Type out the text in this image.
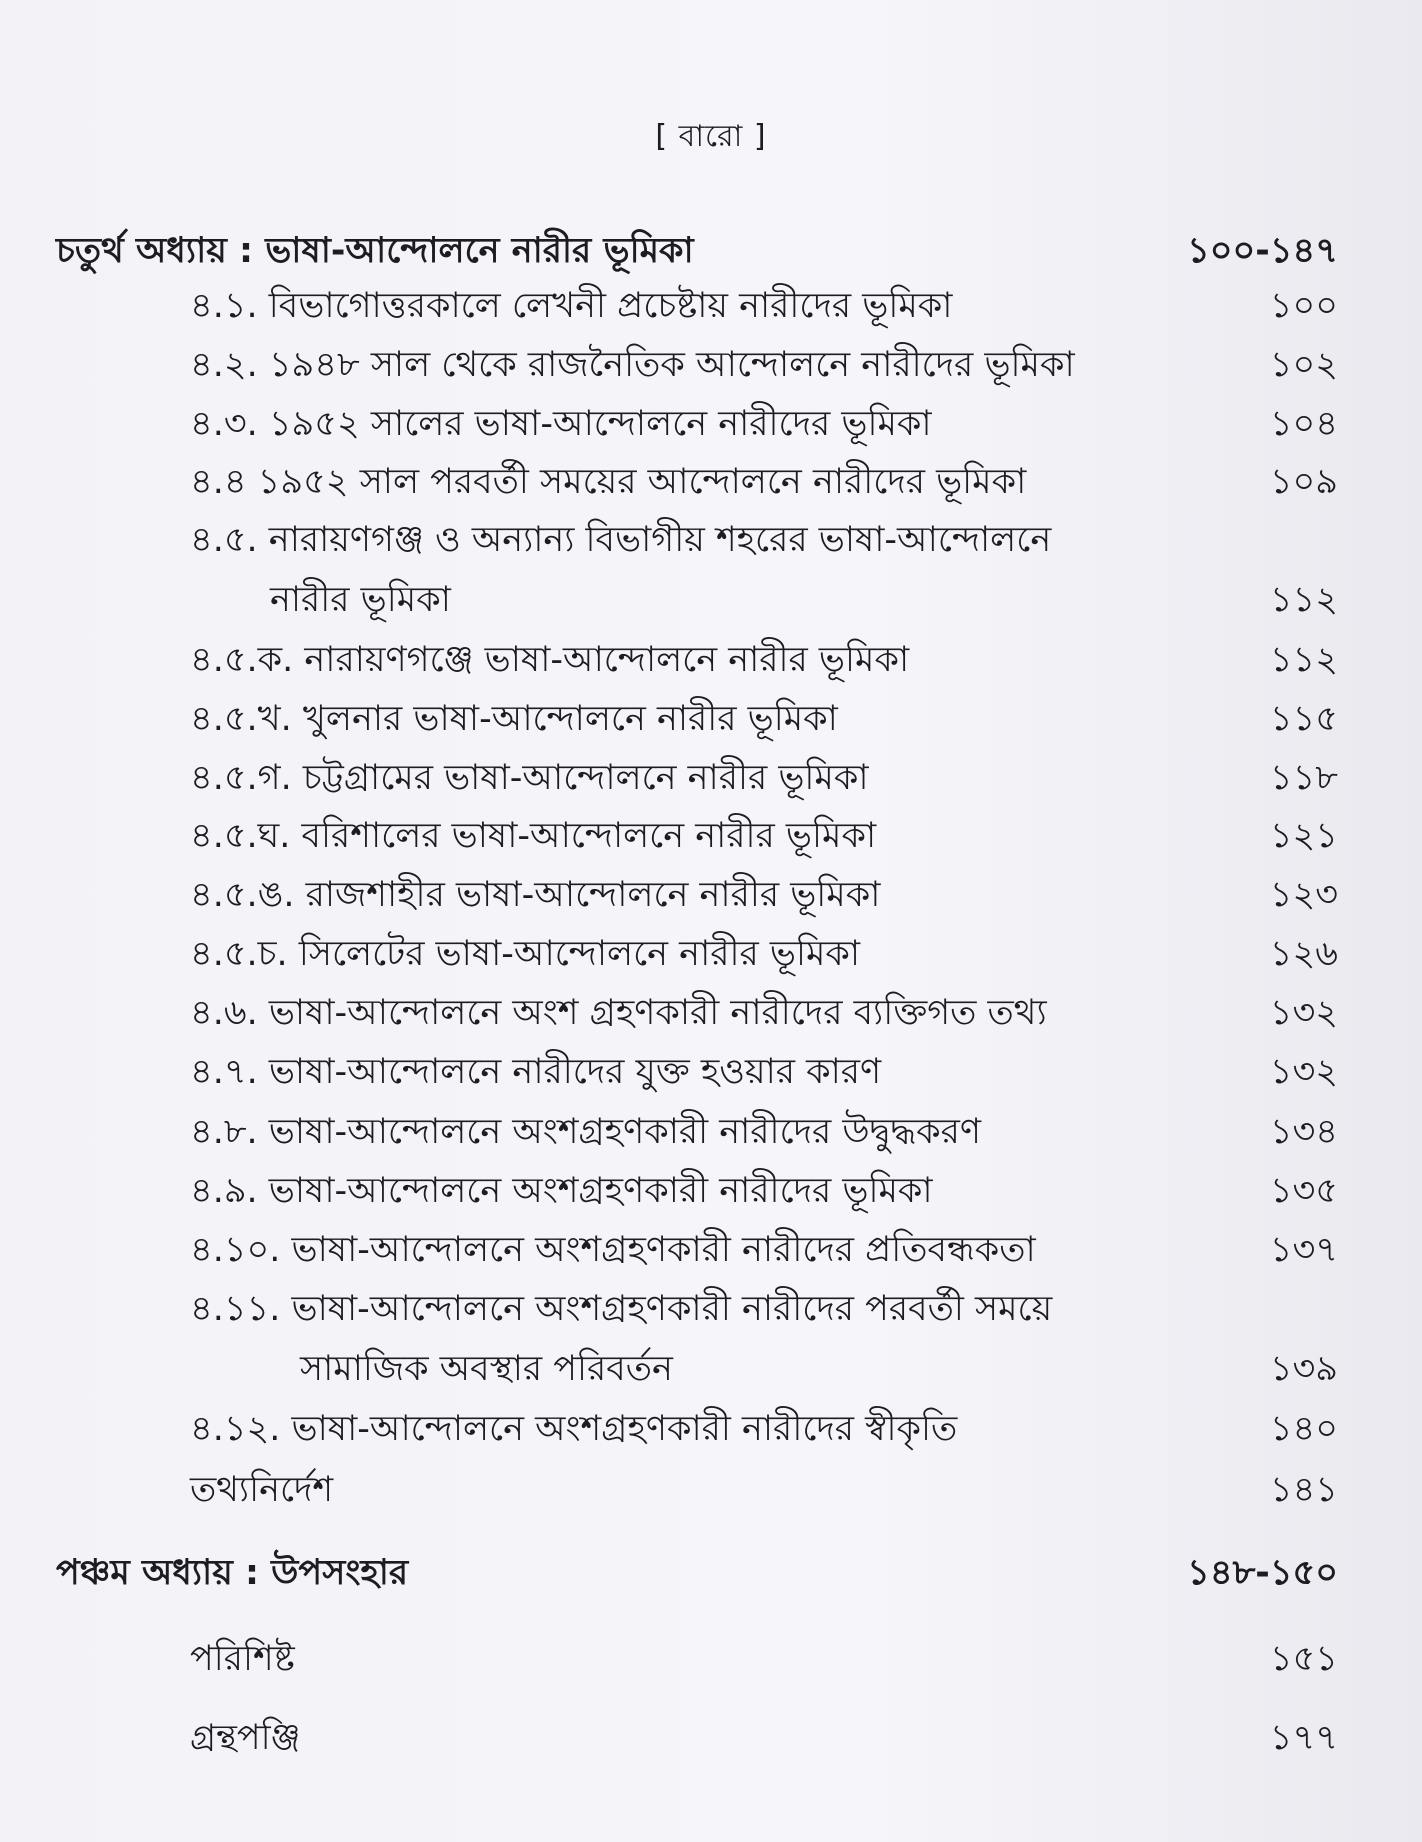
[ বারো ]
চতুর্থ অধ্যায় : ভাষা-আন্দোলনে নারীর ভূমিকা	১০০-১৪৭
৪.১. বিভাগোত্তরকালে লেখনী প্রচেষ্টায় নারীদের ভূমিকা	১০০
৪.২. ১৯৪৮ সাল থেকে রাজনৈতিক আন্দোলনে নারীদের ভূমিকা	১০২
৪.৩. ১৯৫২ সালের ভাষা-আন্দোলনে নারীদের ভূমিকা	১০৪
৪.৪ ১৯৫২ সাল পরবর্তী সময়ের আন্দোলনে নারীদের ভূমিকা	১০৯
৪.৫. নারায়ণগঞ্জ ও অন্যান্য বিভাগীয় শহরের ভাষা-আন্দোলনে
নারীর ভূমিকা	১১২
৪.৫.ক. নারায়ণগঞ্জে ভাষা-আন্দোলনে নারীর ভূমিকা	১১২
৪.৫.খ. খুলনার ভাষা-আন্দোলনে নারীর ভূমিকা	১১৫
৪.৫.গ. চট্টগ্রামের ভাষা-আন্দোলনে নারীর ভূমিকা	১১৮
৪.৫.ঘ. বরিশালের ভাষা-আন্দোলনে নারীর ভূমিকা	১২১
৪.৫.ঙ. রাজশাহীর ভাষা-আন্দোলনে নারীর ভূমিকা	১২৩
৪.৫.চ. সিলেটের ভাষা-আন্দোলনে নারীর ভূমিকা	১২৬
৪.৬. ভাষা-আন্দোলনে অংশ গ্রহণকারী নারীদের ব্যক্তিগত তথ্য	১৩২
৪.৭. ভাষা-আন্দোলনে নারীদের যুক্ত হওয়ার কারণ	১৩২
৪.৮. ভাষা-আন্দোলনে অংশগ্রহণকারী নারীদের উদ্বুদ্ধকরণ	১৩৪
৪.৯. ভাষা-আন্দোলনে অংশগ্রহণকারী নারীদের ভূমিকা	১৩৫
৪.১০. ভাষা-আন্দোলনে অংশগ্রহণকারী নারীদের প্রতিবন্ধকতা	১৩৭
৪.১১. ভাষা-আন্দোলনে অংশগ্রহণকারী নারীদের পরবর্তী সময়ে
সামাজিক অবস্থার পরিবর্তন	১৩৯
৪.১২. ভাষা-আন্দোলনে অংশগ্রহণকারী নারীদের স্বীকৃতি	১৪০
তথ্যনির্দেশ	১৪১
পঞ্চম অধ্যায় : উপসংহার	১৪৮-১৫০
পরিশিষ্ট	১৫১
গ্রন্থপঞ্জি	১৭৭
